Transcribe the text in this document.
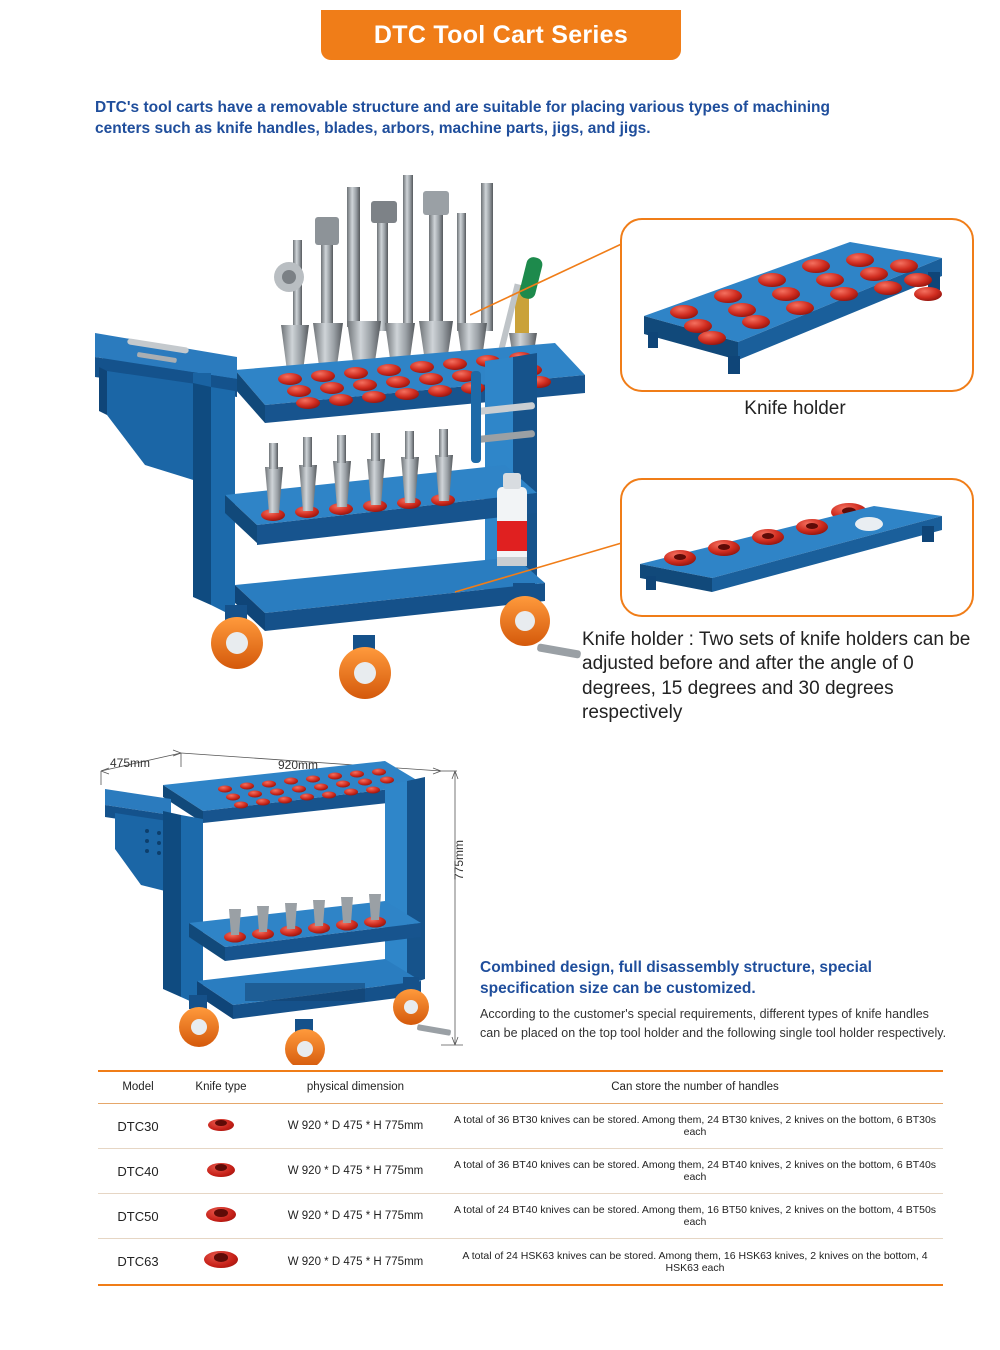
DTC Tool Cart Series
DTC's tool carts have a removable structure and are suitable for placing various types of machining centers such as knife handles, blades, arbors, machine parts, jigs, and jigs.
Knife holder
Knife holder : Two sets of knife holders can be adjusted before and after the angle of 0 degrees, 15 degrees and 30 degrees respectively
475mm	920mm
775mm
Combined design, full disassembly structure, special specification size can be customized.
According to the customer's special requirements, different types of knife handles can be placed on the top tool holder and the following single tool holder respectively.
Model	Knife type	physical dimension	Can store the number of handles
DTC30		W 920 * D 475 * H 775mm	A total of 36 BT30 knives can be stored. Among them, 24 BT30 knives, 2 knives on the bottom, 6 BT30s each
DTC40		W 920 * D 475 * H 775mm	A total of 36 BT40 knives can be stored. Among them, 24 BT40 knives, 2 knives on the bottom, 6 BT40s each
DTC50		W 920 * D 475 * H 775mm	A total of 24 BT40 knives can be stored. Among them, 16 BT50 knives, 2 knives on the bottom, 4 BT50s each
DTC63		W 920 * D 475 * H 775mm	A total of 24 HSK63 knives can be stored. Among them, 16 HSK63 knives, 2 knives on the bottom, 4 HSK63 each
